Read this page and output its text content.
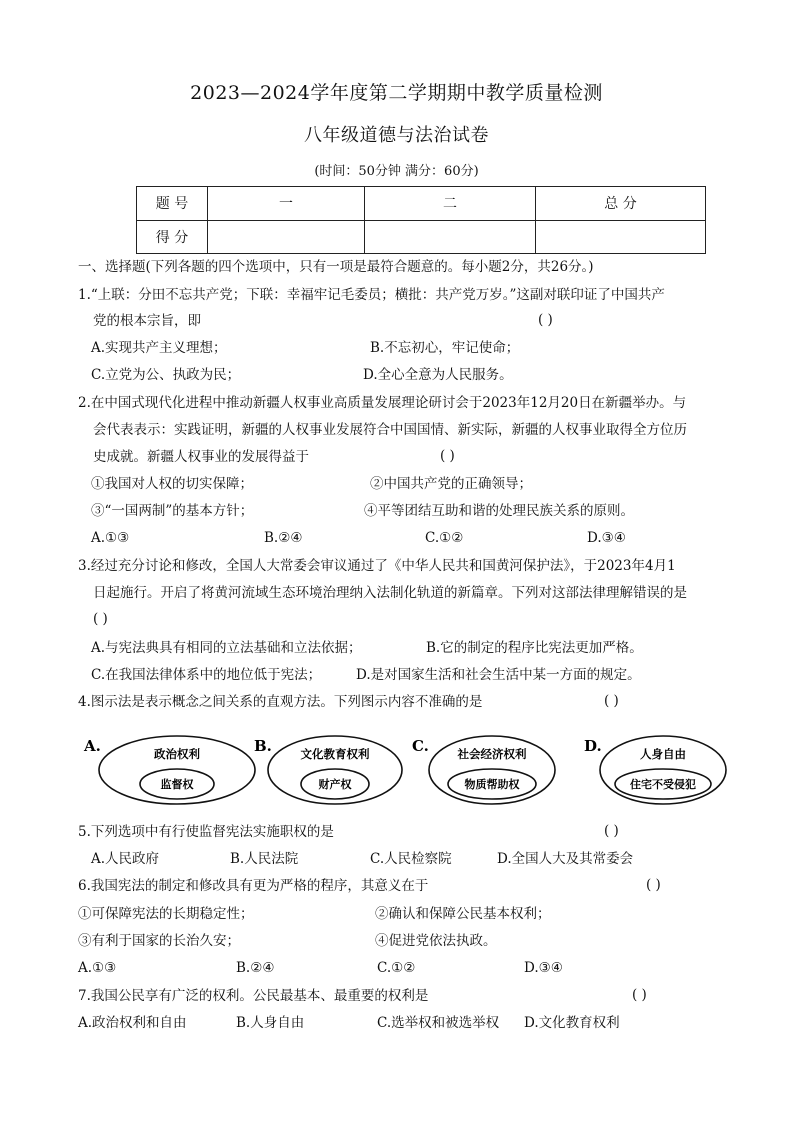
2023—2024学年度第二学期期中教学质量检测
八年级道德与法治试卷
(时间：50分钟 满分：60分)
题 号	一	二	总 分
得 分			
一、选择题(下列各题的四个选项中，只有一项是最符合题意的。每小题2分，共26分。)
1.“上联：分田不忘共产党；下联：幸福牢记毛委员；横批：共产党万岁。”这副对联印证了中国共产
党的根本宗旨，即	( )
A.实现共产主义理想；	B.不忘初心，牢记使命；
C.立党为公、执政为民；	D.全心全意为人民服务。
2.在中国式现代化进程中推动新疆人权事业高质量发展理论研讨会于2023年12月20日在新疆举办。与
会代表表示：实践证明，新疆的人权事业发展符合中国国情、新实际，新疆的人权事业取得全方位历
史成就。新疆人权事业的发展得益于	( )
①我国对人权的切实保障；	②中国共产党的正确领导；
③“一国两制”的基本方针；	④平等团结互助和谐的处理民族关系的原则。
A.①③	B.②④	C.①②	D.③④
3.经过充分讨论和修改，全国人大常委会审议通过了《中华人民共和国黄河保护法》，于2023年4月1
日起施行。开启了将黄河流域生态环境治理纳入法制化轨道的新篇章。下列对这部法律理解错误的是
( )
A.与宪法典具有相同的立法基础和立法依据；	B.它的制定的程序比宪法更加严格。
C.在我国法律体系中的地位低于宪法；	D.是对国家生活和社会生活中某一方面的规定。
4.图示法是表示概念之间关系的直观方法。下列图示内容不准确的是	( )
A.	政治权利
监督权
B. 文化教育权利
财产权
C. 社会经济权利
物质帮助权
D.	人身自由
住宅不受侵犯
5.下列选项中有行使监督宪法实施职权的是	( )
A.人民政府	B.人民法院	C.人民检察院	D.全国人大及其常委会
6.我国宪法的制定和修改具有更为严格的程序，其意义在于	( )
①可保障宪法的长期稳定性；	②确认和保障公民基本权利；
③有利于国家的长治久安；	④促进党依法执政。
A.①③	B.②④	C.①②	D.③④
7.我国公民享有广泛的权利。公民最基本、最重要的权利是	( )
A.政治权利和自由	B.人身自由	C.选举权和被选举权 D.文化教育权利
